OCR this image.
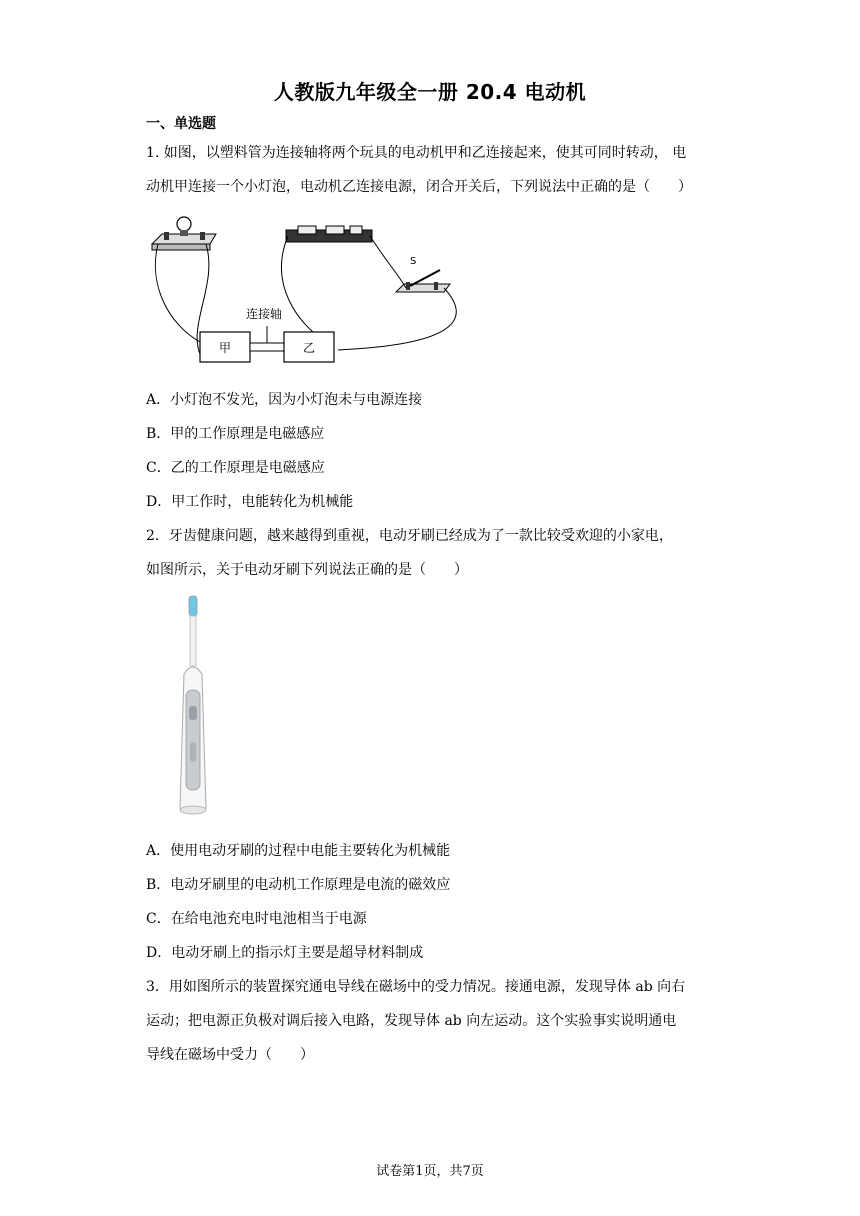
人教版九年级全一册 20.4 电动机
一、单选题
1. 如图，以塑料管为连接轴将两个玩具的电动机甲和乙连接起来，使其可同时转动， 电
动机甲连接一个小灯泡，电动机乙连接电源，闭合开关后，下列说法中正确的是（　　）
S
甲	乙
连接轴
A．小灯泡不发光，因为小灯泡未与电源连接
B．甲的工作原理是电磁感应
C．乙的工作原理是电磁感应
D．甲工作时，电能转化为机械能
2．牙齿健康问题，越来越得到重视，电动牙刷已经成为了一款比较受欢迎的小家电，
如图所示，关于电动牙刷下列说法正确的是（　　）
A．使用电动牙刷的过程中电能主要转化为机械能
B．电动牙刷里的电动机工作原理是电流的磁效应
C．在给电池充电时电池相当于电源
D．电动牙刷上的指示灯主要是超导材料制成
3．用如图所示的装置探究通电导线在磁场中的受力情况。接通电源，发现导体 ab 向右
运动；把电源正负极对调后接入电路，发现导体 ab 向左运动。这个实验事实说明通电
导线在磁场中受力（　　）
试卷第1页，共7页
